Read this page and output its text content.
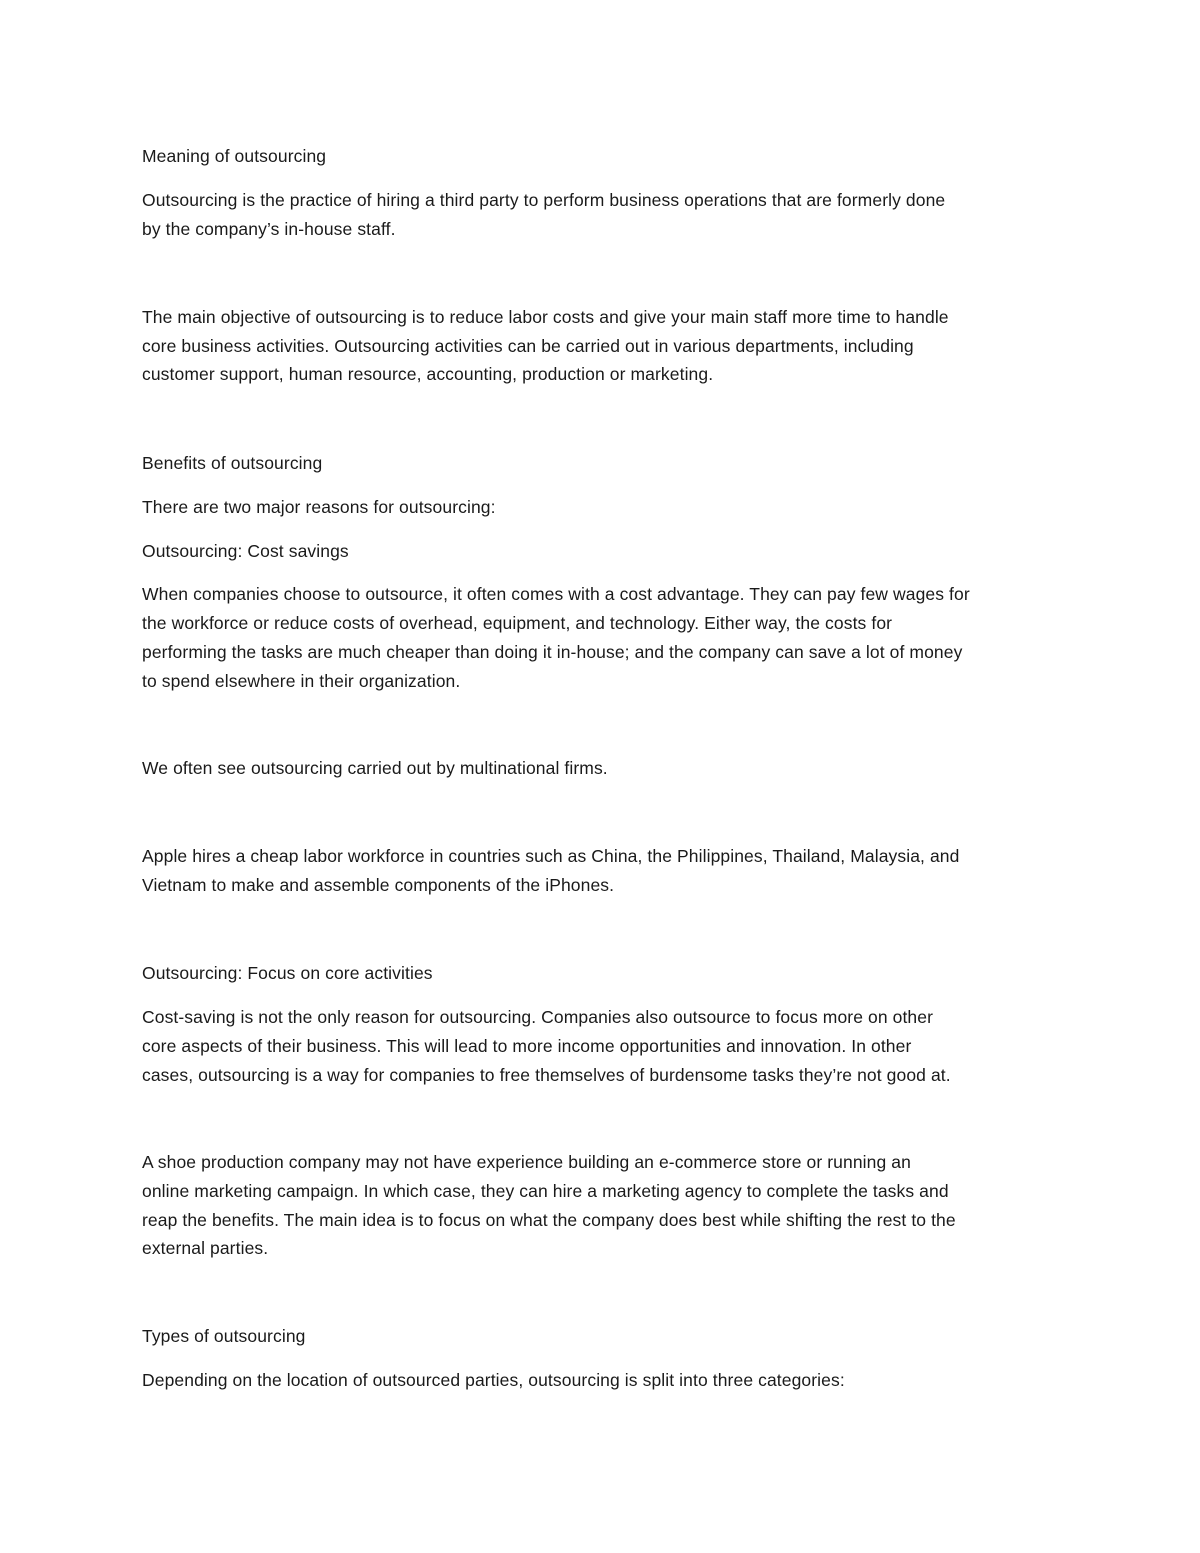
Meaning of outsourcing
Outsourcing is the practice of hiring a third party to perform business operations that are formerly done
by the company’s in-house staff.
The main objective of outsourcing is to reduce labor costs and give your main staff more time to handle
core business activities. Outsourcing activities can be carried out in various departments, including
customer support, human resource, accounting, production or marketing.
Benefits of outsourcing
There are two major reasons for outsourcing:
Outsourcing: Cost savings
When companies choose to outsource, it often comes with a cost advantage. They can pay few wages for
the workforce or reduce costs of overhead, equipment, and technology. Either way, the costs for
performing the tasks are much cheaper than doing it in-house; and the company can save a lot of money
to spend elsewhere in their organization.
We often see outsourcing carried out by multinational firms.
Apple hires a cheap labor workforce in countries such as China, the Philippines, Thailand, Malaysia, and
Vietnam to make and assemble components of the iPhones.
Outsourcing: Focus on core activities
Cost-saving is not the only reason for outsourcing. Companies also outsource to focus more on other
core aspects of their business. This will lead to more income opportunities and innovation. In other
cases, outsourcing is a way for companies to free themselves of burdensome tasks they’re not good at.
A shoe production company may not have experience building an e-commerce store or running an
online marketing campaign. In which case, they can hire a marketing agency to complete the tasks and
reap the benefits. The main idea is to focus on what the company does best while shifting the rest to the
external parties.
Types of outsourcing
Depending on the location of outsourced parties, outsourcing is split into three categories:
